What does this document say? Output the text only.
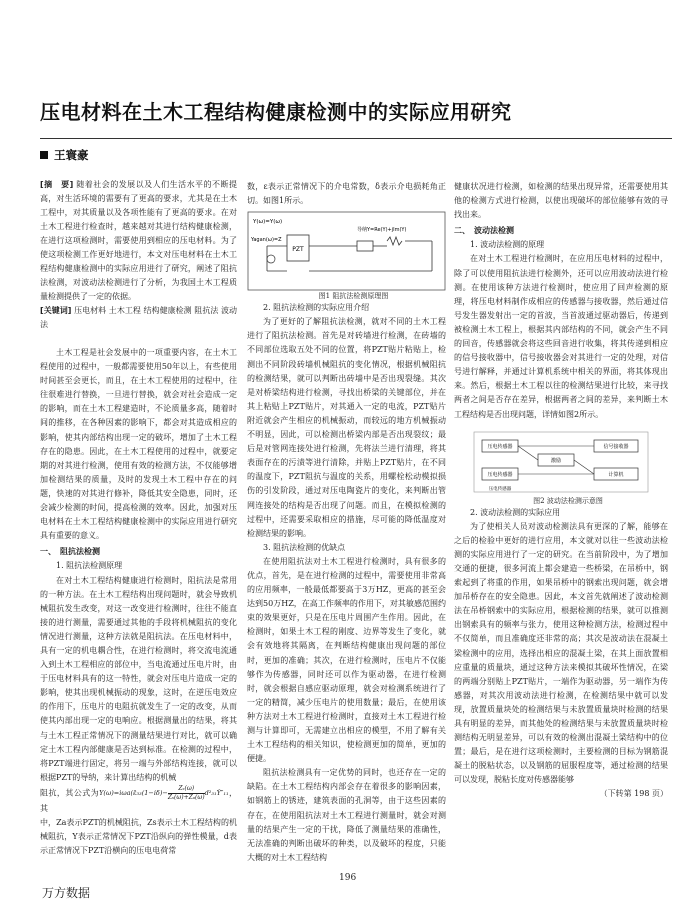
压电材料在土木工程结构健康检测中的实际应用研究
王寰豪

[摘　要] 随着社会的发展以及人们生活水平的不断提高，对生活环境的需要有了更高的要求，尤其是在土木工程中，对其质量以及各项性能有了更高的要求。在对土木工程进行检查时，越来越对其进行结构健康检测，在进行这项检测时，需要使用到相应的压电材料。为了使这项检测工作更好地进行，本文对压电材料在土木工程结构健康检测中的实际应用进行了研究，阐述了阻抗法检测，对波动法检测进行了分析，为我国土木工程质量检测提供了一定的依据。

[关键词] 压电材料 土木工程 结构健康检测 阻抗法 波动法

土木工程是社会发展中的一项重要内容，在土木工程使用的过程中，一般都需要使用50年以上，有些使用时间甚至会更长，而且，在土木工程使用的过程中，往往很难进行替换，一旦进行替换，就会对社会造成一定的影响，而在土木工程建造时，不论质量多高，随着时间的推移，在各种因素的影响下，都会对其造成相应的影响，使其内部结构出现一定的破坏，增加了土木工程存在的隐患。因此，在土木工程使用的过程中，就要定期的对其进行检测，使用有效的检测方法，不仅能够增加检测结果的质量，及时的发现土木工程中存在的问题，快速的对其进行修补，降低其安全隐患，同时，还会减少检测的时间，提高检测的效率。因此，加强对压电材料在土木工程结构健康检测中的实际应用进行研究具有重要的意义。

一、　阻抗法检测

1. 阻抗法检测原理

在对土木工程结构健康进行检测时，阻抗法是常用的一种方法。在土木工程结构出现问题时，就会导致机械阻抗发生改变，对这一改变进行检测时，往往不能直接的进行测量，需要通过其他的手段将机械阻抗的变化情况进行测量，这种方法就是阻抗法。在压电材料中，具有一定的机电耦合性，在进行检测时，将交流电流通入到土木工程相应的部位中，当电流通过压电片时，由于压电材料具有的这一特性，就会对压电片造成一定的影响，使其出现机械振动的现象，这时，在逆压电效应的作用下，压电片的电阻抗就发生了一定的改变，从而使其内部出现一定的电响应。根据测量出的结果，将其与土木工程正常情况下的测量结果进行对比，就可以确定土木工程内部健康是否达到标准。在检测的过程中，将PZT端进行固定，将另一端与外部结构连接，就可以根据PZT的导纳，来计算出结构的机械

阻抗，其公式为Y(ω)=iωa(ε̄₃₃(1−iδ)− $\frac{\text{Zₛ(ω)}}{\text{Zₛ(ω)+Zₐ(ω)}}$ d²₃₁Ŷ″₁₁，其

中，Za表示PZT的机械阻抗，Zs表示土木工程结构的机械阻抗，Y表示正常情况下PZT沿纵向的弹性模量，d表示正常情况下PZT沿横向的压电电荷常

数，ε表示正常情况下的介电常数，δ表示介电损耗角正切。如图1所示。

PZT
Y(ω)=Y(ω)
Yagan(ω)=Z
导纳Y=Re(Y)+jIm(Y)

图1 阻抗法检测原理图

2. 阻抗法检测的实际应用介绍

为了更好的了解阻抗法检测，就对不同的土木工程进行了阻抗法检测。首先是对砖墙进行检测，在砖墙的不同部位选取五处不同的位置，将PZT贴片粘贴上，检测出不同阶段砖墙机械阻抗的变化情况，根据机械阻抗的检测结果，就可以判断出砖墙中是否出现裂缝。其次是对桥梁结构进行检测，寻找出桥梁的关键部位，并在其上粘贴上PZT贴片，对其通入一定的电流，PZT贴片附近就会产生相应的机械振动，而较远的地方机械振动不明显，因此，可以检测出桥梁内部是否出现裂纹；最后是对管网连接处进行检测，先将法兰进行清理，将其表面存在的污渍等进行清除，并贴上PZT贴片，在不同的温度下，PZT阻抗与温度的关系，用螺栓松动模拟损伤的引发阶段，通过对压电陶瓷片的变化，来判断出管网连接处的结构是否出现了问题。而且，在模拟检测的过程中，还需要采取相应的措施，尽可能的降低温度对检测结果的影响。

3. 阻抗法检测的优缺点

在使用阻抗法对土木工程进行检测时，具有很多的优点，首先，是在进行检测的过程中，需要使用非常高的应用频率，一般最低都要高于3万HZ，更高的甚至会达到50万HZ，在高工作频率的作用下，对其敏感范围约束的效果更好，只是在压电片周围产生作用。因此，在检测时，如果土木工程的刚度、边界等发生了变化，就会有效地将其隔离，在判断结构健康出现问题的部位时，更加的准确；其次，在进行检测时，压电片不仅能够作为传感器，同时还可以作为驱动器，在进行检测时，就会根据自感应驱动原理，就会对检测系统进行了一定的精简，减少压电片的使用数量；最后，在使用该种方法对土木工程进行检测时，直接对土木工程进行检测与计算即可，无需建立出相应的模型，不用了解有关土木工程结构的相关知识，使检测更加的简单，更加的便捷。

阻抗法检测具有一定优势的同时，也还存在一定的缺陷。在土木工程结构内部会存在着很多的影响因素，如钢筋上的锈迹，建筑表面的孔洞等，由于这些因素的存在，在使用阻抗法对土木工程进行测量时，就会对测量的结果产生一定的干扰，降低了测量结果的准确性，无法准确的判断出破坏的种类，以及破坏的程度，只能大概的对土木工程结构

健康状况进行检测，如检测的结果出现异常，还需要使用其他的检测方式进行检测，以使出现破坏的部位能够有效的寻找出来。

二、　波动法检测

1. 波动法检测的原理

在对土木工程进行检测时，在应用压电材料的过程中，除了可以使用阻抗法进行检测外，还可以应用波动法进行检测。在使用该种方法进行检测时，使应用了回声检测的原理，将压电材料制作成相应的传感器与接收器，然后通过信号发生器发射出一定的首波，当首波通过驱动器后，传递到被检测土木工程上，根据其内部结构的不同，就会产生不同的回音，传感器就会将这些回音进行收集，将其传递到相应的信号接收器中，信号接收器会对其进行一定的处理，对信号进行解释，并通过计算机系统中相关的界面，将其体现出来。然后，根据土木工程以往的检测结果进行比较，来寻找两者之间是否存在差异，根据两者之间的差异，来判断土木工程结构是否出现问题，详情如图2所示。

压电传感器
压电传感器
信号接收器
计算机
激励
压电传感器

图2 波动法检测示意图

2. 波动法检测的实际应用

为了使相关人员对波动检测法具有更深的了解，能够在之后的检验中更好的进行应用，本文就对以往一些波动法检测的实际应用进行了一定的研究。在当前阶段中，为了增加交通的便捷，很多河流上都会建造一些桥梁，在吊桥中，钢索起到了将重的作用，如果吊桥中的钢索出现问题，就会增加吊桥存在的安全隐患。因此，本文首先就阐述了波动检测法在吊桥钢索中的实际应用，根据检测的结果，就可以推测出钢索具有的频率与张力，使用这种检测方法，检测过程中不仅简单，而且准确度还非常的高；其次是波动法在混凝土梁检测中的应用，选择出相应的混凝土梁，在其上面放置相应重量的质量块，通过这种方法来模拟其破坏性情况，在梁的两端分别贴上PZT贴片，一端作为驱动器，另一端作为传感器，对其次用波动法进行检测，在检测结果中就可以发现，放置质量块处的检测结果与未放置质量块时检测的结果具有明显的差异，而其他处的检测结果与未放置质量块时检测结构无明显差异，可以有效的检测出混凝土梁结构中的位置；最后，是在进行这项检测时，主要检测的目标为钢筋混凝土的脱粘状态，以及钢筋的屈服程度等，通过检测的结果可以发现，脱粘长度对传感器能够

（下转第 198 页）

196
万方数据
